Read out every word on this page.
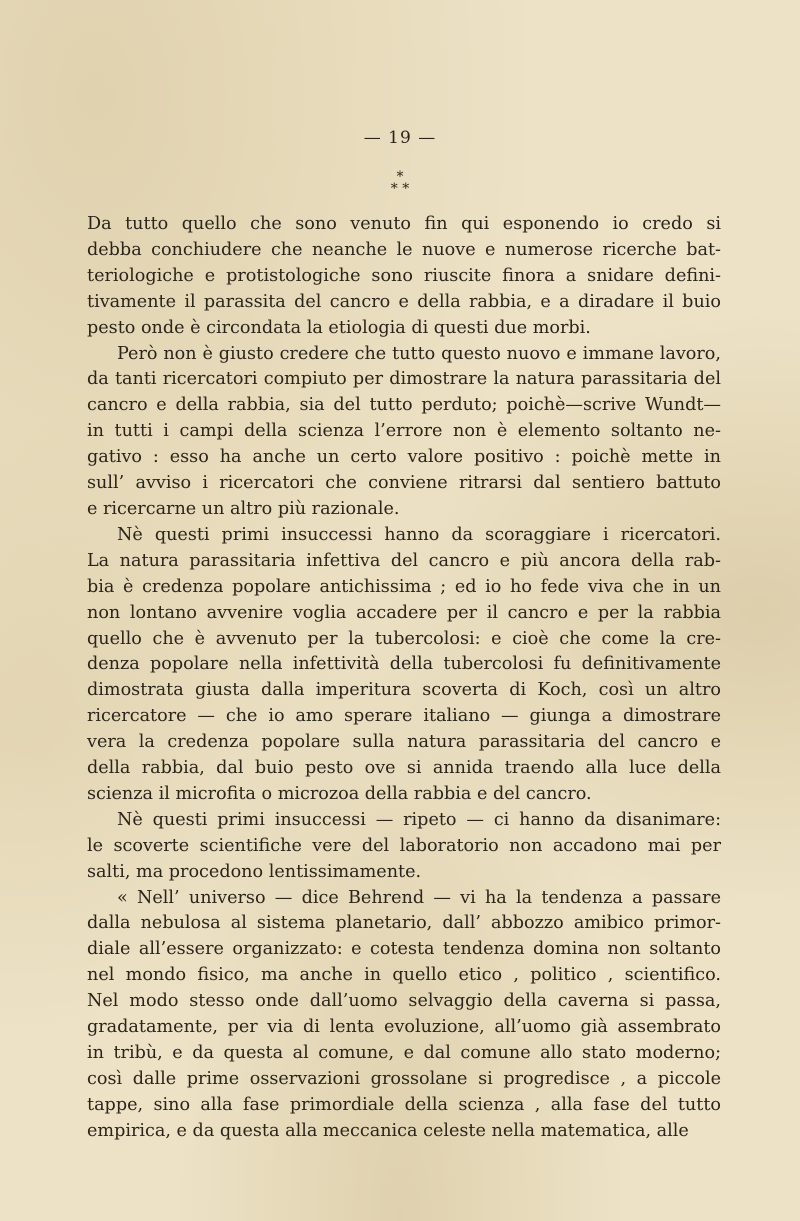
— 19 —
*
* *
Da tutto quello che sono venuto fin qui esponendo io credo si
debba conchiudere che neanche le nuove e numerose ricerche bat-
teriologiche e protistologiche sono riuscite finora a snidare defini-
tivamente il parassita del cancro e della rabbia, e a diradare il buio
pesto onde è circondata la etiologia di questi due morbi.
Però non è giusto credere che tutto questo nuovo e immane lavoro,
da tanti ricercatori compiuto per dimostrare la natura parassitaria del
cancro e della rabbia, sia del tutto perduto; poichè—scrive Wundt—
in tutti i campi della scienza l’errore non è elemento soltanto ne-
gativo : esso ha anche un certo valore positivo : poichè mette in
sull’ avviso i ricercatori che conviene ritrarsi dal sentiero battuto
e ricercarne un altro più razionale.
Nè questi primi insuccessi hanno da scoraggiare i ricercatori.
La natura parassitaria infettiva del cancro e più ancora della rab-
bia è credenza popolare antichissima ; ed io ho fede viva che in un
non lontano avvenire voglia accadere per il cancro e per la rabbia
quello che è avvenuto per la tubercolosi: e cioè che come la cre-
denza popolare nella infettività della tubercolosi fu definitivamente
dimostrata giusta dalla imperitura scoverta di Koch, così un altro
ricercatore — che io amo sperare italiano — giunga a dimostrare
vera la credenza popolare sulla natura parassitaria del cancro e
della rabbia, dal buio pesto ove si annida traendo alla luce della
scienza il microfita o microzoa della rabbia e del cancro.
Nè questi primi insuccessi — ripeto — ci hanno da disanimare:
le scoverte scientifiche vere del laboratorio non accadono mai per
salti, ma procedono lentissimamente.
« Nell’ universo — dice Behrend — vi ha la tendenza a passare
dalla nebulosa al sistema planetario, dall’ abbozzo amibico primor-
diale all’essere organizzato: e cotesta tendenza domina non soltanto
nel mondo fisico, ma anche in quello etico , politico , scientifico.
Nel modo stesso onde dall’uomo selvaggio della caverna si passa,
gradatamente, per via di lenta evoluzione, all’uomo già assembrato
in tribù, e da questa al comune, e dal comune allo stato moderno;
così dalle prime osservazioni grossolane si progredisce , a piccole
tappe, sino alla fase primordiale della scienza , alla fase del tutto
empirica, e da questa alla meccanica celeste nella matematica, alle
